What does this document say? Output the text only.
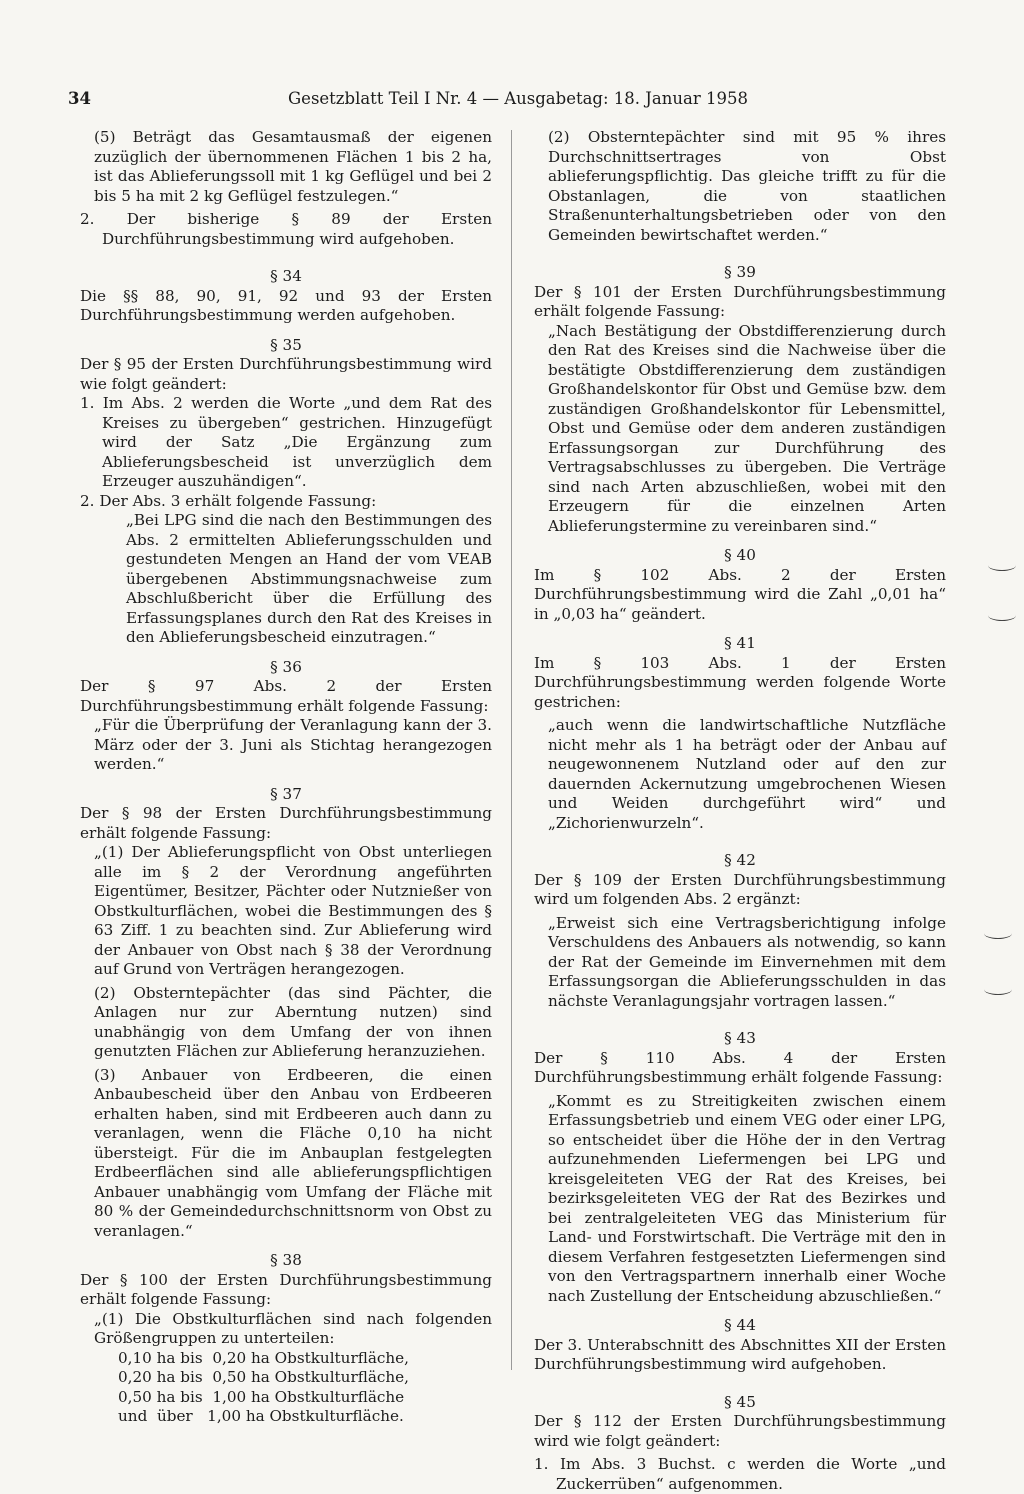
34	Gesetzblatt Teil I Nr. 4 — Ausgabetag: 18. Januar 1958

(5) Beträgt das Gesamtausmaß der eigenen zuzüglich der übernommenen Flächen 1 bis 2 ha, ist das Ablieferungssoll mit 1 kg Geflügel und bei 2 bis 5 ha mit 2 kg Geflügel festzulegen.“

2. Der bisherige § 89 der Ersten Durchführungsbestimmung wird aufgehoben.

§ 34

Die §§ 88, 90, 91, 92 und 93 der Ersten Durchführungsbestimmung werden aufgehoben.

§ 35

Der § 95 der Ersten Durchführungsbestimmung wird wie folgt geändert:

1. Im Abs. 2 werden die Worte „und dem Rat des Kreises zu übergeben“ gestrichen. Hinzugefügt wird der Satz „Die Ergänzung zum Ablieferungsbescheid ist unverzüglich dem Erzeuger auszuhändigen“.

2. Der Abs. 3 erhält folgende Fassung:

„Bei LPG sind die nach den Bestimmungen des Abs. 2 ermittelten Ablieferungsschulden und gestundeten Mengen an Hand der vom VEAB übergebenen Abstimmungsnachweise zum Abschlußbericht über die Erfüllung des Erfassungsplanes durch den Rat des Kreises in den Ablieferungsbescheid einzutragen.“

§ 36

Der § 97 Abs. 2 der Ersten Durchführungsbestimmung erhält folgende Fassung:

„Für die Überprüfung der Veranlagung kann der 3. März oder der 3. Juni als Stichtag herangezogen werden.“

§ 37

Der § 98 der Ersten Durchführungsbestimmung erhält folgende Fassung:

„(1) Der Ablieferungspflicht von Obst unterliegen alle im § 2 der Verordnung angeführten Eigentümer, Besitzer, Pächter oder Nutznießer von Obstkulturflächen, wobei die Bestimmungen des § 63 Ziff. 1 zu beachten sind. Zur Ablieferung wird der Anbauer von Obst nach § 38 der Verordnung auf Grund von Verträgen herangezogen.

(2) Obsternteрächter (das sind Pächter, die Anlagen nur zur Aberntung nutzen) sind unabhängig von dem Umfang der von ihnen genutzten Flächen zur Ablieferung heranzuziehen.

(3) Anbauer von Erdbeeren, die einen Anbaubescheid über den Anbau von Erdbeeren erhalten haben, sind mit Erdbeeren auch dann zu veranlagen, wenn die Fläche 0,10 ha nicht übersteigt. Für die im Anbauplan festgelegten Erdbeerflächen sind alle ablieferungspflichtigen Anbauer unabhängig vom Umfang der Fläche mit 80 % der Gemeindedurchschnittsnorm von Obst zu veranlagen.“

§ 38

Der § 100 der Ersten Durchführungsbestimmung erhält folgende Fassung:

„(1) Die Obstkulturflächen sind nach folgenden Größengruppen zu unterteilen:

0,10 ha bis  0,20 ha Obstkulturfläche,
0,20 ha bis  0,50 ha Obstkulturfläche,
0,50 ha bis  1,00 ha Obstkulturfläche
und  über   1,00 ha Obstkulturfläche.

(2) Obsternteрächter sind mit 95 % ihres Durchschnittsertrages von Obst ablieferungspflichtig. Das gleiche trifft zu für die Obstanlagen, die von staatlichen Straßenunterhaltungsbetrieben oder von den Gemeinden bewirtschaftet werden.“

§ 39

Der § 101 der Ersten Durchführungsbestimmung erhält folgende Fassung:

„Nach Bestätigung der Obstdifferenzierung durch den Rat des Kreises sind die Nachweise über die bestätigte Obstdifferenzierung dem zuständigen Großhandelskontor für Obst und Gemüse bzw. dem zuständigen Großhandelskontor für Lebensmittel, Obst und Gemüse oder dem anderen zuständigen Erfassungsorgan zur Durchführung des Vertragsabschlusses zu übergeben. Die Verträge sind nach Arten abzuschließen, wobei mit den Erzeugern für die einzelnen Arten Ablieferungstermine zu vereinbaren sind.“

§ 40

Im § 102 Abs. 2 der Ersten Durchführungsbestimmung wird die Zahl „0,01 ha“ in „0,03 ha“ geändert.

§ 41

Im § 103 Abs. 1 der Ersten Durchführungsbestimmung werden folgende Worte gestrichen:

„auch wenn die landwirtschaftliche Nutzfläche nicht mehr als 1 ha beträgt oder der Anbau auf neugewonnenem Nutzland oder auf den zur dauernden Ackernutzung umgebrochenen Wiesen und Weiden durchgeführt wird“ und „Zichorienwurzeln“.

§ 42

Der § 109 der Ersten Durchführungsbestimmung wird um folgenden Abs. 2 ergänzt:

„Erweist sich eine Vertragsberichtigung infolge Verschuldens des Anbauers als notwendig, so kann der Rat der Gemeinde im Einvernehmen mit dem Erfassungsorgan die Ablieferungsschulden in das nächste Veranlagungsjahr vortragen lassen.“

§ 43

Der § 110 Abs. 4 der Ersten Durchführungsbestimmung erhält folgende Fassung:

„Kommt es zu Streitigkeiten zwischen einem Erfassungsbetrieb und einem VEG oder einer LPG, so entscheidet über die Höhe der in den Vertrag aufzunehmenden Liefermengen bei LPG und kreisgeleiteten VEG der Rat des Kreises, bei bezirksgeleiteten VEG der Rat des Bezirkes und bei zentralgeleiteten VEG das Ministerium für Land- und Forstwirtschaft. Die Verträge mit den in diesem Verfahren festgesetzten Liefermengen sind von den Vertragspartnern innerhalb einer Woche nach Zustellung der Entscheidung abzuschließen.“

§ 44

Der 3. Unterabschnitt des Abschnittes XII der Ersten Durchführungsbestimmung wird aufgehoben.

§ 45

Der § 112 der Ersten Durchführungsbestimmung wird wie folgt geändert:

1. Im Abs. 3 Buchst. c werden die Worte „und Zuckerrüben“ aufgenommen.
